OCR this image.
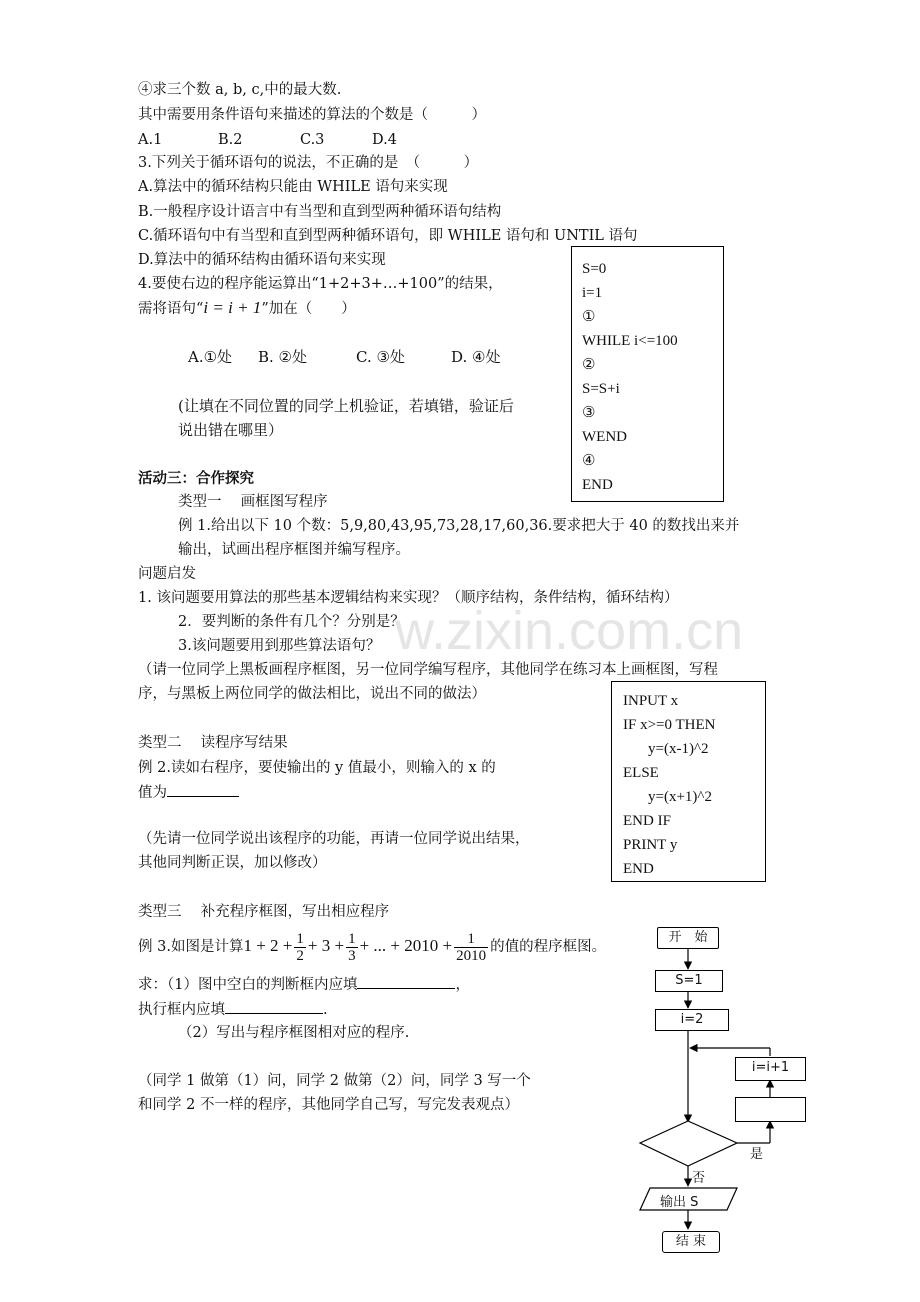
w.zixin.com.cn
④求三个数 a, b, c,中的最大数.
其中需要用条件语句来描述的算法的个数是（　　　）
A.1	B.2	C.3	D.4
3.下列关于循环语句的说法，不正确的是　（　　　）
A.算法中的循环结构只能由 WHILE 语句来实现
B.一般程序设计语言中有当型和直到型两种循环语句结构
C.循环语句中有当型和直到型两种循环语句，即 WHILE 语句和 UNTIL 语句
D.算法中的循环结构由循环语句来实现
4.要使右边的程序能运算出“1+2+3+…+100”的结果，
需将语句“i = i + 1”加在（　　）
A.①处 B. ②处	C. ③处	D. ④处
(让填在不同位置的同学上机验证，若填错，验证后
说出错在哪里）
S=0
i=1
①
WHILE i<=100
②
S=S+i
③
WEND
④
END
活动三：合作探究
类型一　 画框图写程序
例 1.给出以下 10 个数：5,9,80,43,95,73,28,17,60,36.要求把大于 40 的数找出来并
输出，试画出程序框图并编写程序。
问题启发
1. 该问题要用算法的那些基本逻辑结构来实现？（顺序结构，条件结构，循环结构）
2．要判断的条件有几个？分别是？
3.该问题要用到那些算法语句？
（请一位同学上黑板画程序框图，另一位同学编写程序，其他同学在练习本上画框图，写程
序，与黑板上两位同学的做法相比，说出不同的做法）
类型二　 读程序写结果
例 2.读如右程序，要使输出的 y 值最小，则输入的 x 的
值为
（先请一位同学说出该程序的功能，再请一位同学说出结果，
其他同判断正误，加以修改）
INPUT x
IF x>=0 THEN
y=(x-1)^2
ELSE
y=(x+1)^2
END IF
PRINT y
END
类型三　 补充程序框图，写出相应程序
例 3.如图是计算$1 + 2 + \frac{1}{2} + 3 + \frac{1}{3}$ + ... + $2010 + \frac{1}{2010}$ 的值的程序框图。
求：（1）图中空白的判断框内应填	，
执行框内应填	.
（2）写出与程序框图相对应的程序.
（同学 1 做第（1）问，同学 2 做第（2）问，同学 3 写一个
和同学 2 不一样的程序，其他同学自己写，写完发表观点）
开　始
S=1
i=2
i=i+1
是
否
输出 S
结 束
